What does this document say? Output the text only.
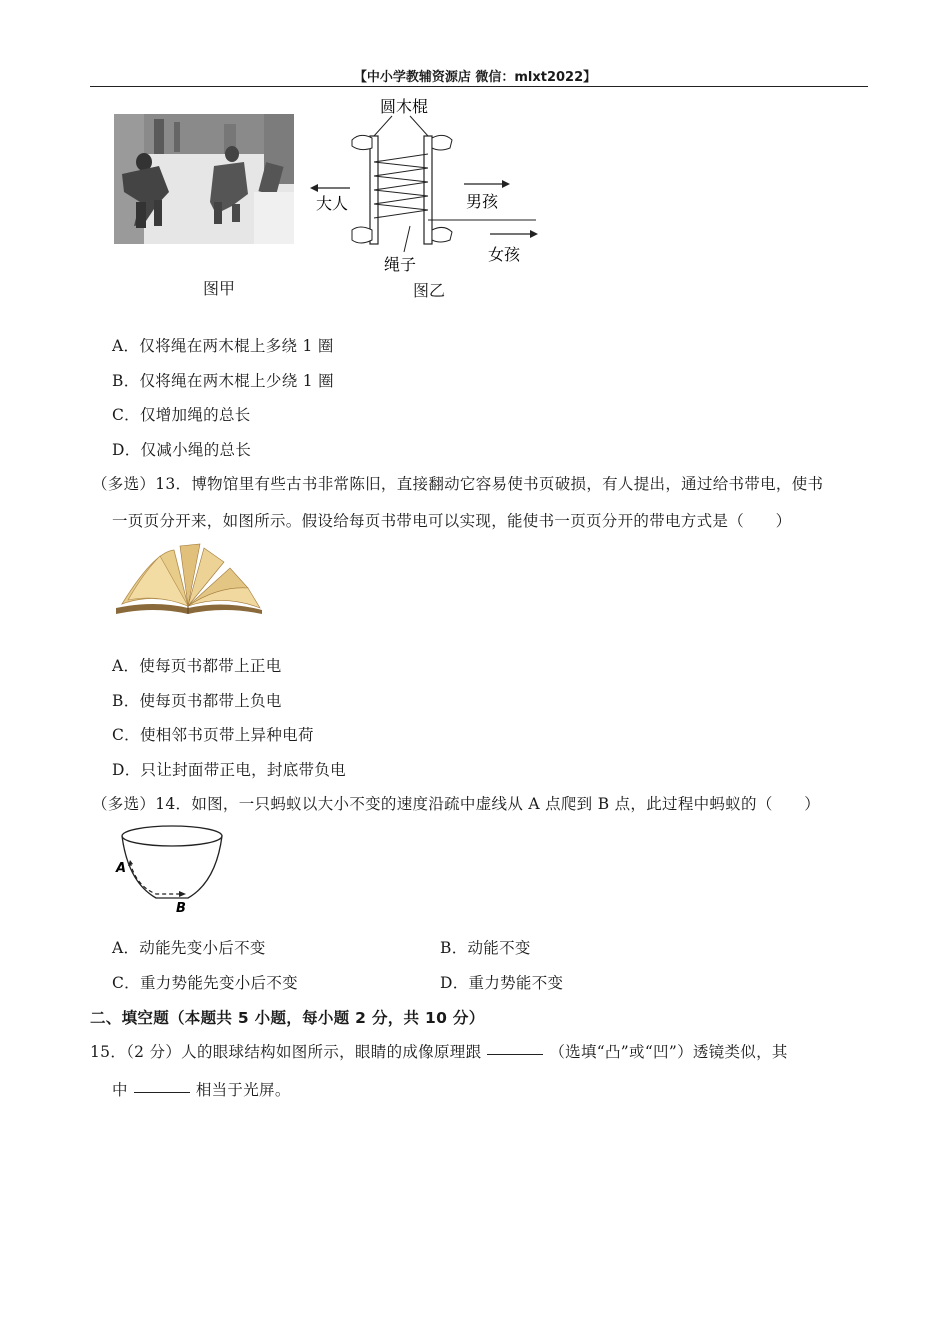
【中小学教辅资源店 微信：mlxt2022】
圆木棍
大人	男孩
女孩
绳子
图甲	图乙
A．仅将绳在两木棍上多绕 1 圈
B．仅将绳在两木棍上少绕 1 圈
C．仅增加绳的总长
D．仅减小绳的总长
（多选）13．博物馆里有些古书非常陈旧，直接翻动它容易使书页破损，有人提出，通过给书带电，使书
一页页分开来，如图所示。假设给每页书带电可以实现，能使书一页页分开的带电方式是（　　）
A．使每页书都带上正电
B．使每页书都带上负电
C．使相邻书页带上异种电荷
D．只让封面带正电，封底带负电
（多选）14．如图，一只蚂蚁以大小不变的速度沿疏中虚线从 A 点爬到 B 点，此过程中蚂蚁的（　　）
A
B
A．动能先变小后不变	B．动能不变
C．重力势能先变小后不变	D．重力势能不变
二、填空题（本题共 5 小题，每小题 2 分，共 10 分）
15．（2 分）人的眼球结构如图所示，眼睛的成像原理跟	（选填“凸”或“凹”）透镜类似，其
中	相当于光屏。
